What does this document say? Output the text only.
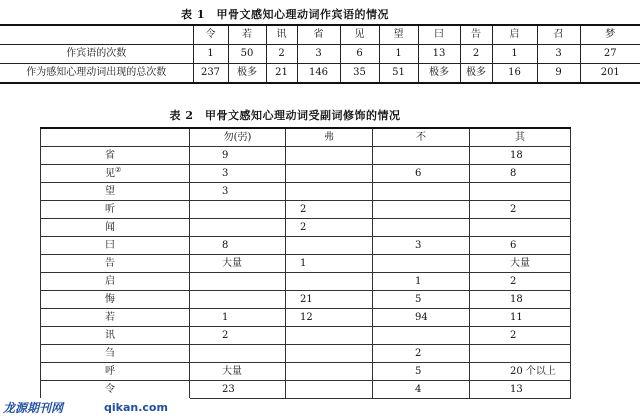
表 1　甲骨文感知心理动词作宾语的情况
	令	若	讯	省	见	望	曰	告	启	召	梦
作宾语的次数	1	50	2	3	6	1	13	2	1	3	27
作为感知心理动词出现的总次数	237	极多	21	146	35	51	极多	极多	16	9	201
表 2　甲骨文感知心理动词受副词修饰的情况
	勿(弜)	弗	不	其
省	9			18
见②	3		6	8
望	3			
听		2		2
闻		2		
曰	8		3	6
告	大量	1		大量
启			1	2
悔		21	5	18
若	1	12	94	11
讯	2			2
刍			2	
呼	大量		5	20 个以上
令	23		4	13
龙源期刊网	qikan.com
